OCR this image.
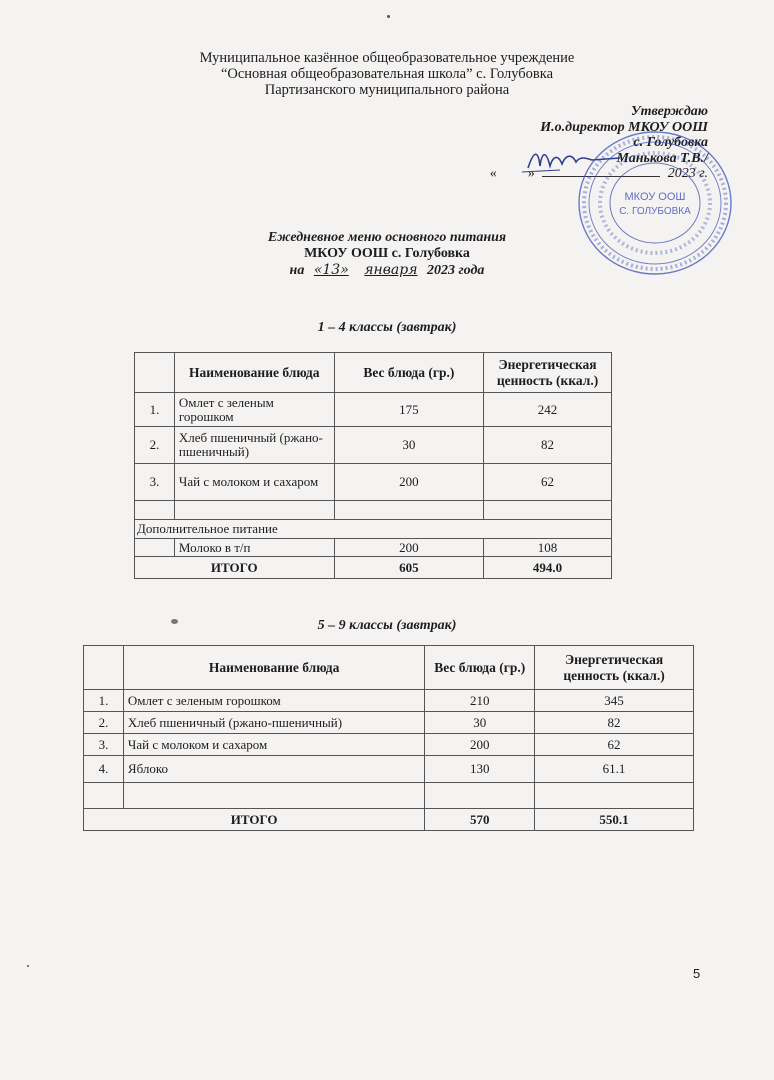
Муниципальное казённое общеобразовательное учреждение
“Основная общеобразовательная школа” с. Голубовка
Партизанского муниципального района
Утверждаю
И.о.директор МКОУ ООШ
с. Голубовка
Манькова Т.В./
« »	2023 г.
МКОУ ООШ
С. ГОЛУБОВКА
Ежедневное меню основного питания
МКОУ ООШ с. Голубовка
на «13» января 2023 года
1 – 4 классы (завтрак)
	Наименование блюда	Вес блюда (гр.)	Энергетическая ценность (ккал.)
1.	Омлет с зеленым горошком	175	242
2.	Хлеб пшеничный (ржано-пшеничный)	30	82
3.	Чай с молоком и сахаром	200	62

Дополнительное питание			
	Молоко в т/п	200	108
ИТОГО		605	494.0
5 – 9 классы (завтрак)
	Наименование блюда	Вес блюда (гр.)	Энергетическая ценность (ккал.)
1.	Омлет с зеленым горошком	210	345
2.	Хлеб пшеничный (ржано-пшеничный)	30	82
3.	Чай с молоком и сахаром	200	62
4.	Яблоко	130	61.1

ИТОГО		570	550.1
5
